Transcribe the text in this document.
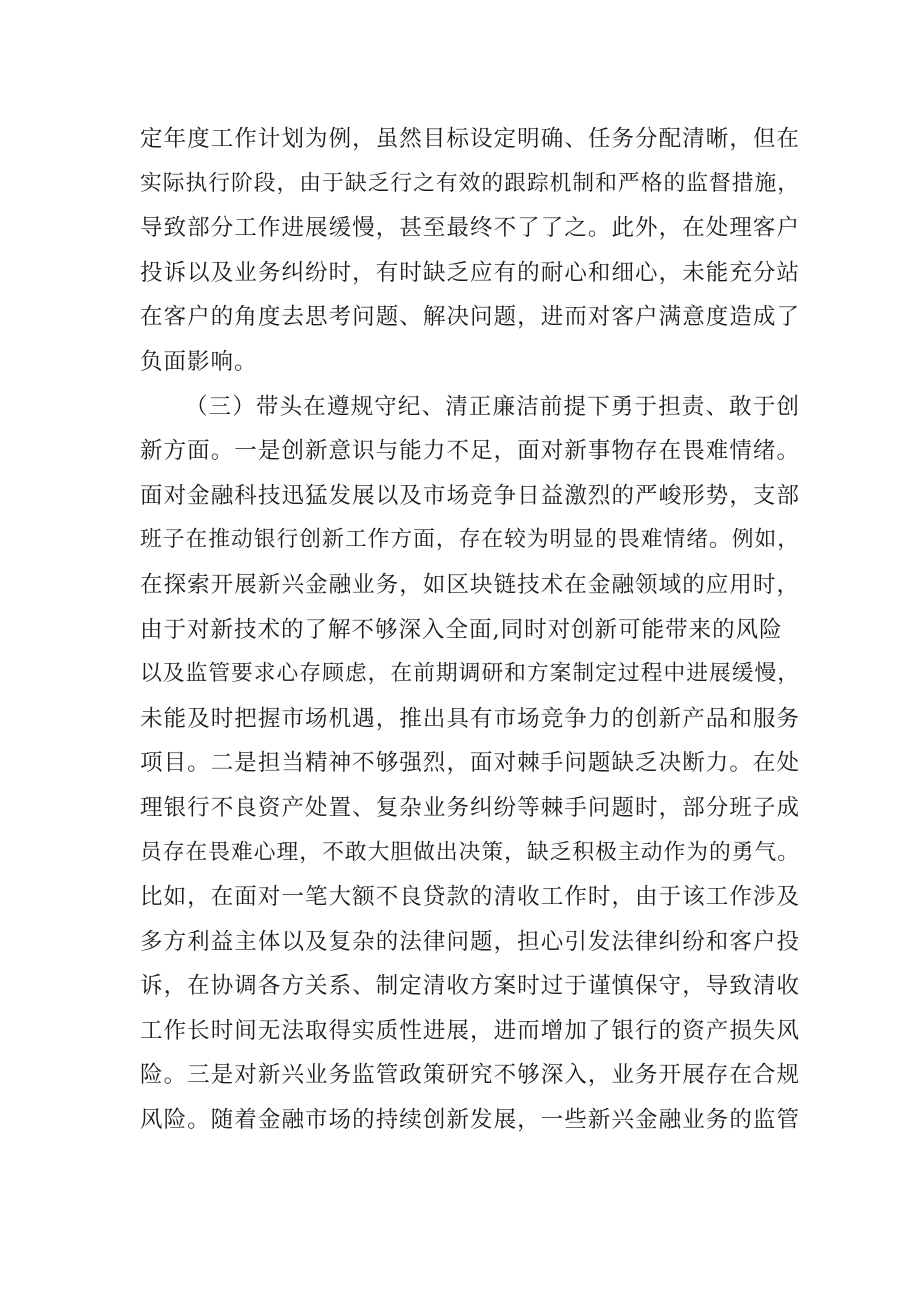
定年度工作计划为例，虽然目标设定明确、任务分配清晰，但在
实际执行阶段，由于缺乏行之有效的跟踪机制和严格的监督措施，
导致部分工作进展缓慢，甚至最终不了了之。此外，在处理客户
投诉以及业务纠纷时，有时缺乏应有的耐心和细心，未能充分站
在客户的角度去思考问题、解决问题，进而对客户满意度造成了
负面影响。
（三）带头在遵规守纪、清正廉洁前提下勇于担责、敢于创
新方面。一是创新意识与能力不足，面对新事物存在畏难情绪。
面对金融科技迅猛发展以及市场竞争日益激烈的严峻形势，支部
班子在推动银行创新工作方面，存在较为明显的畏难情绪。例如，
在探索开展新兴金融业务，如区块链技术在金融领域的应用时，
由于对新技术的了解不够深入全面,同时对创新可能带来的风险
以及监管要求心存顾虑，在前期调研和方案制定过程中进展缓慢，
未能及时把握市场机遇，推出具有市场竞争力的创新产品和服务
项目。二是担当精神不够强烈，面对棘手问题缺乏决断力。在处
理银行不良资产处置、复杂业务纠纷等棘手问题时，部分班子成
员存在畏难心理，不敢大胆做出决策，缺乏积极主动作为的勇气。
比如，在面对一笔大额不良贷款的清收工作时，由于该工作涉及
多方利益主体以及复杂的法律问题，担心引发法律纠纷和客户投
诉，在协调各方关系、制定清收方案时过于谨慎保守，导致清收
工作长时间无法取得实质性进展，进而增加了银行的资产损失风
险。三是对新兴业务监管政策研究不够深入，业务开展存在合规
风险。随着金融市场的持续创新发展，一些新兴金融业务的监管
